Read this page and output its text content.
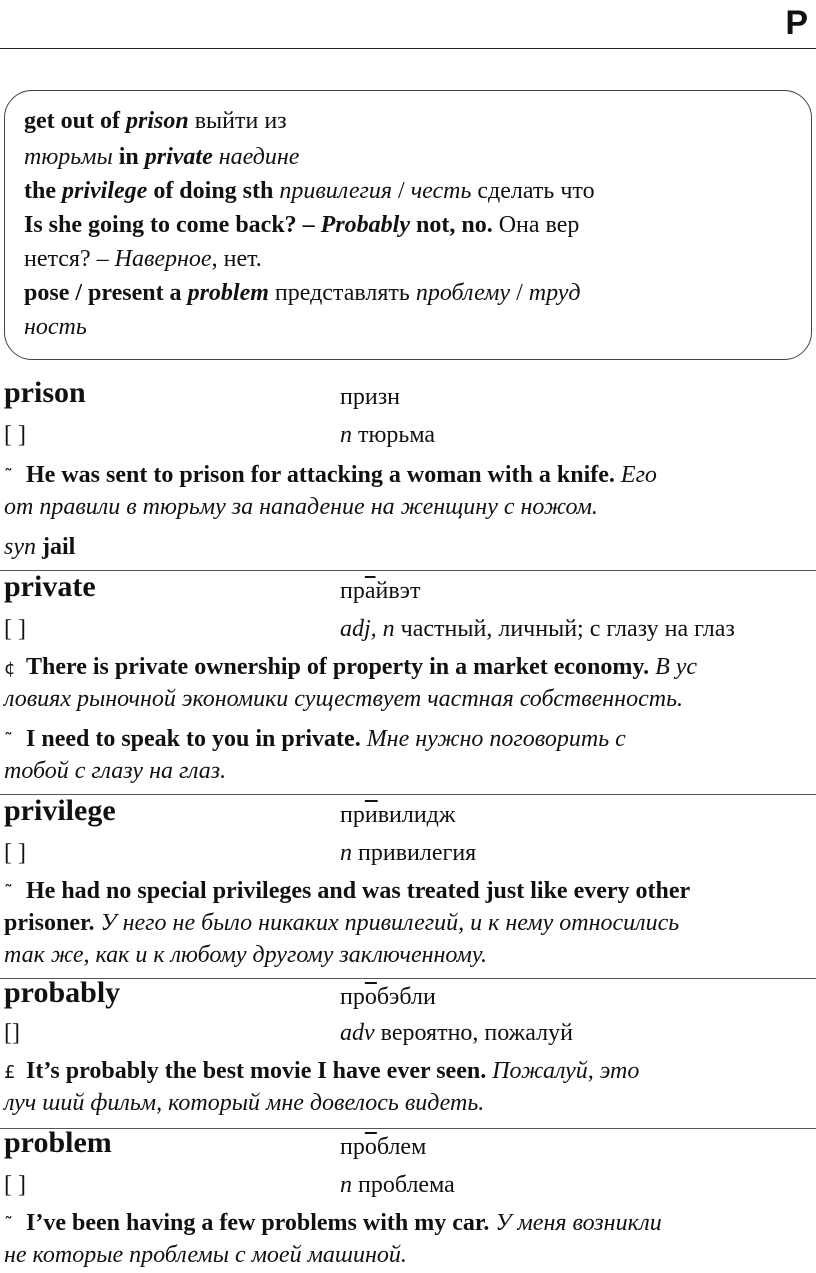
P
get out of prison выйти из
тюрьмы in private наедине
the privilege of doing sth привилегия / честь сделать что
Is she going to come back? – Probably not, no. Она вер
нется? – Наверное, нет.
pose / present a problem представлять проблему / труд
ность
prison	призн
[ ]	n тюрьма
˜ He was sent to prison for attacking a woman with a knife. Его
от правили в тюрьму за нападение на женщину с ножом.
syn jail
private	прайвэт
[ ]	adj, n частный, личный; с глазу на глаз
¢ There is private ownership of property in a market economy. В ус
ловиях рыночной экономики существует частная собственность.
˜ I need to speak to you in private. Мне нужно поговорить с
тобой с глазу на глаз.
privilege	привилидж
[ ]	n привилегия
˜ He had no special privileges and was treated just like every other
prisoner. У него не было никаких привилегий, и к нему относились
так же, как и к любому другому заключенному.
probably	пробэбли
[]	adv вероятно, пожалуй
£ It’s probably the best movie I have ever seen. Пожалуй, это
луч ший фильм, который мне довелось видеть.
problem	проблем
[ ]	n проблема
˜ I’ve been having a few problems with my car. У меня возникли
не которые проблемы с моей машиной.
